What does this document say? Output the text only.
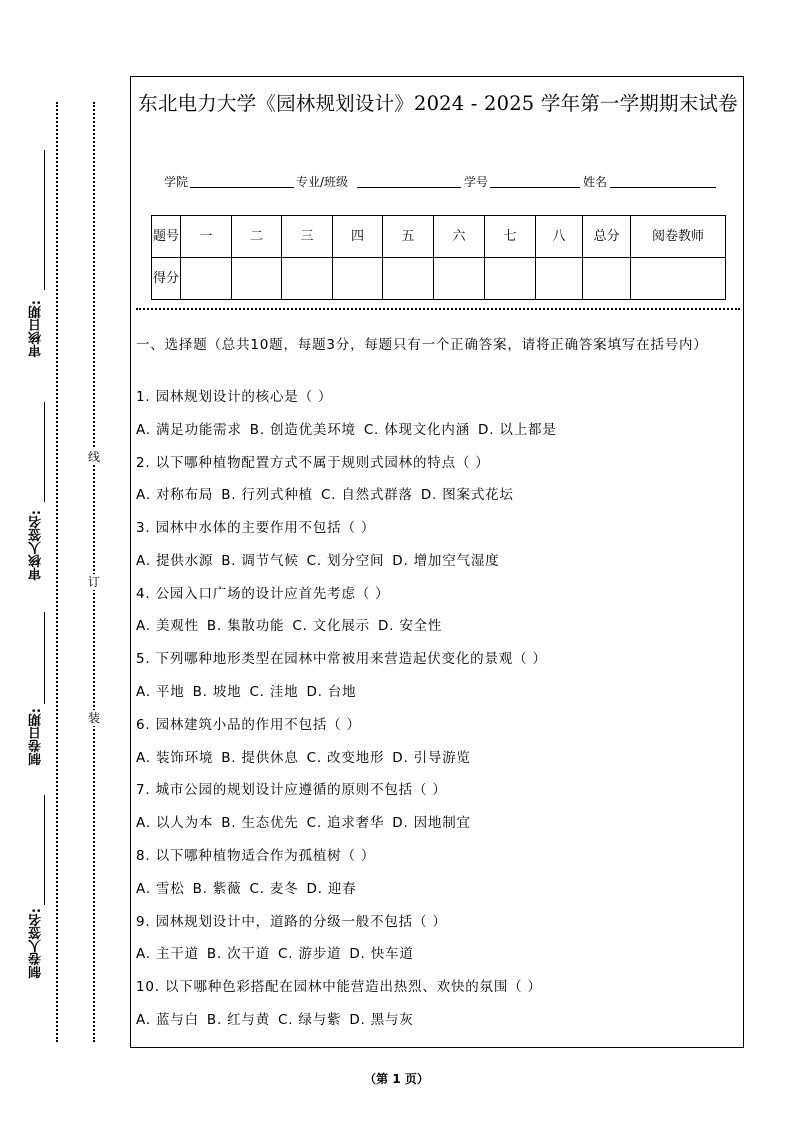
审核日期:
审核人签名:
制卷日期:
制卷人签名:
线
订
装
东北电力大学《园林规划设计》2024 - 2025 学年第一学期期末试卷
学院	专业/班级	学号	姓名
题号	一	二	三	四	五	六	七	八	总分	阅卷教师
得分										
一、选择题（总共10题，每题3分，每题只有一个正确答案，请将正确答案填写在括号内）
1. 园林规划设计的核心是（ ）
A. 满足功能需求 B. 创造优美环境 C. 体现文化内涵 D. 以上都是
2. 以下哪种植物配置方式不属于规则式园林的特点（ ）
A. 对称布局 B. 行列式种植 C. 自然式群落 D. 图案式花坛
3. 园林中水体的主要作用不包括（ ）
A. 提供水源 B. 调节气候 C. 划分空间 D. 增加空气湿度
4. 公园入口广场的设计应首先考虑（ ）
A. 美观性 B. 集散功能 C. 文化展示 D. 安全性
5. 下列哪种地形类型在园林中常被用来营造起伏变化的景观（ ）
A. 平地 B. 坡地 C. 洼地 D. 台地
6. 园林建筑小品的作用不包括（ ）
A. 装饰环境 B. 提供休息 C. 改变地形 D. 引导游览
7. 城市公园的规划设计应遵循的原则不包括（ ）
A. 以人为本 B. 生态优先 C. 追求奢华 D. 因地制宜
8. 以下哪种植物适合作为孤植树（ ）
A. 雪松 B. 紫薇 C. 麦冬 D. 迎春
9. 园林规划设计中，道路的分级一般不包括（ ）
A. 主干道 B. 次干道 C. 游步道 D. 快车道
10. 以下哪种色彩搭配在园林中能营造出热烈、欢快的氛围（ ）
A. 蓝与白 B. 红与黄 C. 绿与紫 D. 黑与灰
（第 1 页）
